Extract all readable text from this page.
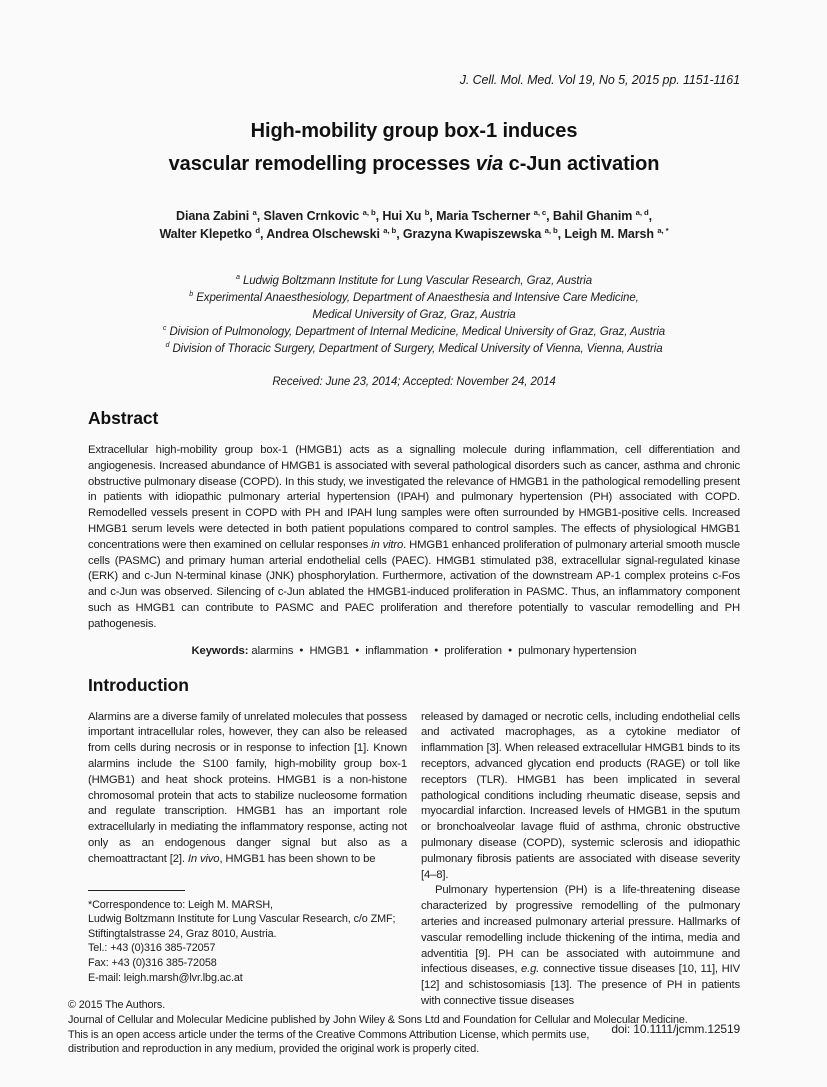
J. Cell. Mol. Med. Vol 19, No 5, 2015 pp. 1151-1161
High-mobility group box-1 induces
vascular remodelling processes via c-Jun activation
Diana Zabini $^a$, Slaven Crnkovic $^{a, b}$, Hui Xu $^b$, Maria Tscherner $^{a, c}$, Bahil Ghanim $^{a, d}$,
Walter Klepetko $^d$, Andrea Olschewski $^{a, b}$, Grazyna Kwapiszewska $^{a, b}$, Leigh M. Marsh $^{a, *}$
$^a$ Ludwig Boltzmann Institute for Lung Vascular Research, Graz, Austria
$^b$ Experimental Anaesthesiology, Department of Anaesthesia and Intensive Care Medicine,
Medical University of Graz, Graz, Austria
$^c$ Division of Pulmonology, Department of Internal Medicine, Medical University of Graz, Graz, Austria
$^d$ Division of Thoracic Surgery, Department of Surgery, Medical University of Vienna, Vienna, Austria
Received: June 23, 2014; Accepted: November 24, 2014
Abstract

Extracellular high-mobility group box-1 (HMGB1) acts as a signalling molecule during inflammation, cell differentiation and angiogenesis. Increased abundance of HMGB1 is associated with several pathological disorders such as cancer, asthma and chronic obstructive pulmonary disease (COPD). In this study, we investigated the relevance of HMGB1 in the pathological remodelling present in patients with idiopathic pulmonary arterial hypertension (IPAH) and pulmonary hypertension (PH) associated with COPD. Remodelled vessels present in COPD with PH and IPAH lung samples were often surrounded by HMGB1-positive cells. Increased HMGB1 serum levels were detected in both patient populations compared to control samples. The effects of physiological HMGB1 concentrations were then examined on cellular responses in vitro. HMGB1 enhanced proliferation of pulmonary arterial smooth muscle cells (PASMC) and primary human arterial endothelial cells (PAEC). HMGB1 stimulated p38, extracellular signal-regulated kinase (ERK) and c-Jun N-terminal kinase (JNK) phosphorylation. Furthermore, activation of the downstream AP-1 complex proteins c-Fos and c-Jun was observed. Silencing of c-Jun ablated the HMGB1-induced proliferation in PASMC. Thus, an inflammatory component such as HMGB1 can contribute to PASMC and PAEC proliferation and therefore potentially to vascular remodelling and PH pathogenesis.

Keywords: alarmins ● HMGB1 ● inflammation ● proliferation ● pulmonary hypertension
Introduction

Alarmins are a diverse family of unrelated molecules that possess important intracellular roles, however, they can also be released from cells during necrosis or in response to infection [1]. Known alarmins include the S100 family, high-mobility group box-1 (HMGB1) and heat shock proteins. HMGB1 is a non-histone chromosomal protein that acts to stabilize nucleosome formation and regulate transcription. HMGB1 has an important role extracellularly in mediating the inflammatory response, acting not only as an endogenous danger signal but also as a chemoattractant [2]. In vivo, HMGB1 has been shown to be

*Correspondence to: Leigh M. MARSH,
Ludwig Boltzmann Institute for Lung Vascular Research, c/o ZMF;
Stiftingtalstrasse 24, Graz 8010, Austria.
Tel.: +43 (0)316 385-72057
Fax: +43 (0)316 385-72058
E-mail: leigh.marsh@lvr.lbg.ac.at

released by damaged or necrotic cells, including endothelial cells and activated macrophages, as a cytokine mediator of inflammation [3]. When released extracellular HMGB1 binds to its receptors, advanced glycation end products (RAGE) or toll like receptors (TLR). HMGB1 has been implicated in several pathological conditions including rheumatic disease, sepsis and myocardial infarction. Increased levels of HMGB1 in the sputum or bronchoalveolar lavage fluid of asthma, chronic obstructive pulmonary disease (COPD), systemic sclerosis and idiopathic pulmonary fibrosis patients are associated with disease severity [4–8].

Pulmonary hypertension (PH) is a life-threatening disease characterized by progressive remodelling of the pulmonary arteries and increased pulmonary arterial pressure. Hallmarks of vascular remodelling include thickening of the intima, media and adventitia [9]. PH can be associated with autoimmune and infectious diseases, e.g. connective tissue diseases [10, 11], HIV [12] and schistosomiasis [13]. The presence of PH in patients with connective tissue diseases

doi: 10.1111/jcmm.12519
© 2015 The Authors.
Journal of Cellular and Molecular Medicine published by John Wiley & Sons Ltd and Foundation for Cellular and Molecular Medicine.
This is an open access article under the terms of the Creative Commons Attribution License, which permits use,
distribution and reproduction in any medium, provided the original work is properly cited.
